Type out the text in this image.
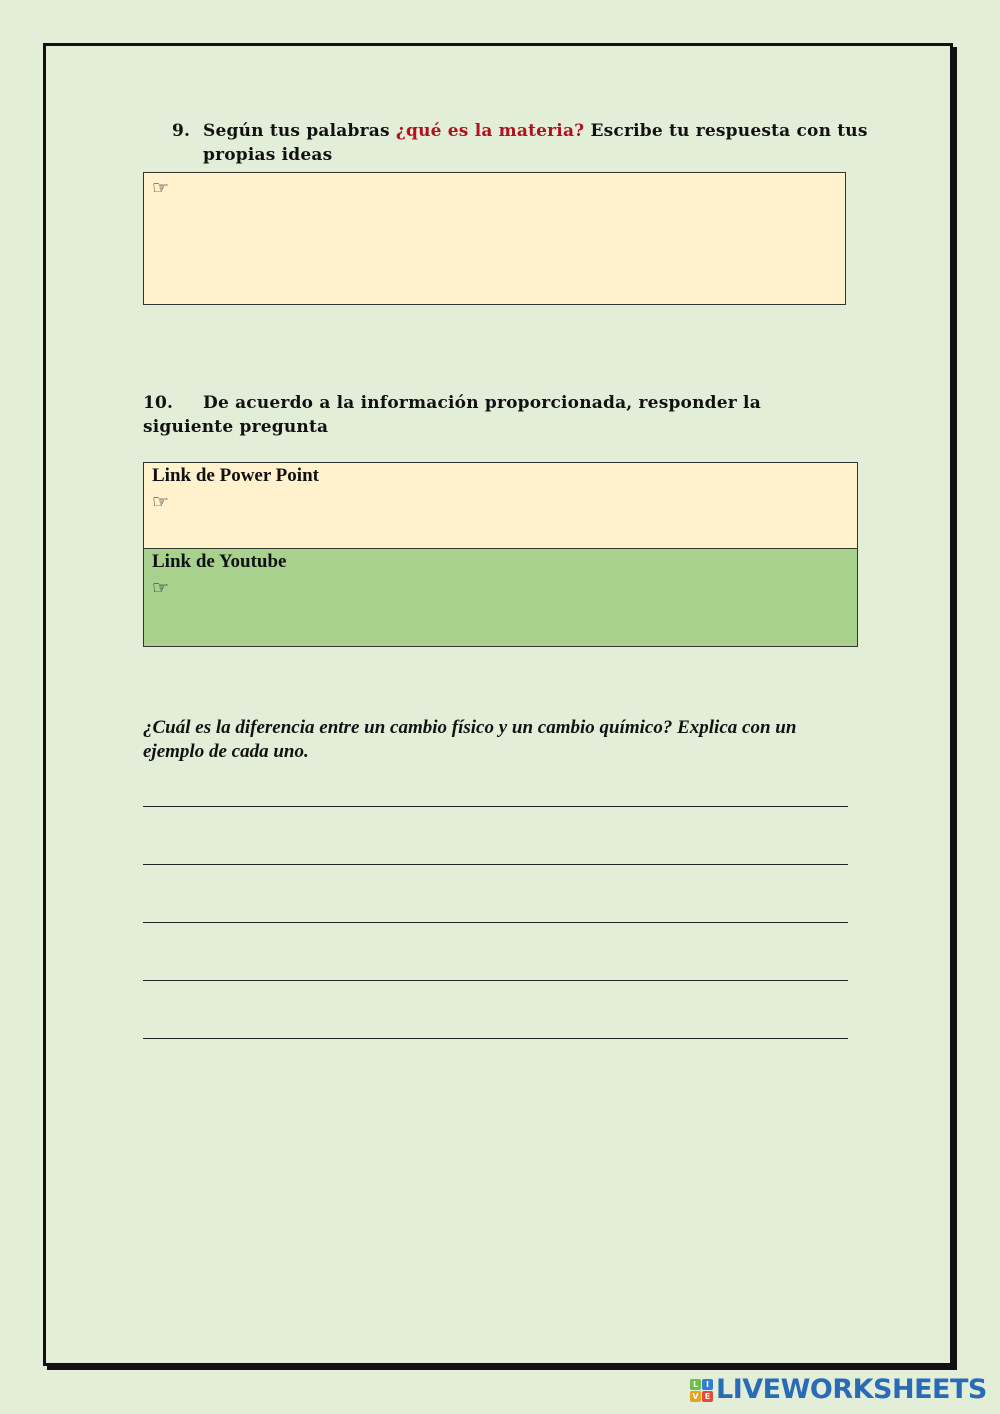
9. Según tus palabras ¿qué es la materia? Escribe tu respuesta con tus propias ideas
☞
10. De acuerdo a la información proporcionada, responder la siguiente pregunta
Link de Power Point
☞
Link de Youtube
☞
¿Cuál es la diferencia entre un cambio físico y un cambio químico? Explica con un ejemplo de cada uno.
L I
V E LIVEWORKSHEETS
